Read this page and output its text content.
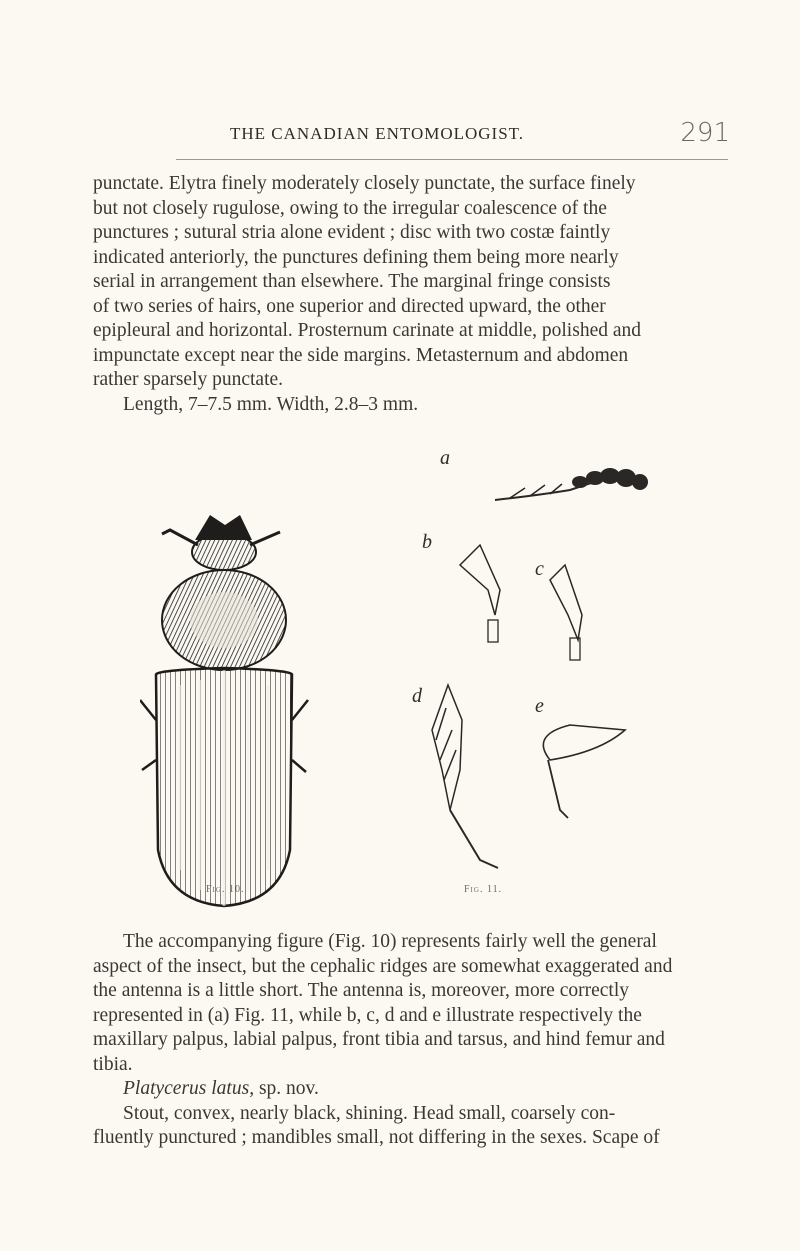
THE CANADIAN ENTOMOLOGIST.	291
punctate. Elytra finely moderately closely punctate, the surface finely
but not closely rugulose, owing to the irregular coalescence of the
punctures ; sutural stria alone evident ; disc with two costæ faintly
indicated anteriorly, the punctures defining them being more nearly
serial in arrangement than elsewhere. The marginal fringe consists
of two series of hairs, one superior and directed upward, the other
epipleural and horizontal. Prosternum carinate at middle, polished and
impunctate except near the side margins. Metasternum and abdomen
rather sparsely punctate.
Length, 7–7.5 mm. Width, 2.8–3 mm.
a
b
c
d	e
Fig. 10.	Fig. 11.
The accompanying figure (Fig. 10) represents fairly well the general
aspect of the insect, but the cephalic ridges are somewhat exaggerated and
the antenna is a little short. The antenna is, moreover, more correctly
represented in (a) Fig. 11, while b, c, d and e illustrate respectively the
maxillary palpus, labial palpus, front tibia and tarsus, and hind femur and
tibia.
Platycerus latus, sp. nov.
Stout, convex, nearly black, shining. Head small, coarsely con-
fluently punctured ; mandibles small, not differing in the sexes. Scape of
